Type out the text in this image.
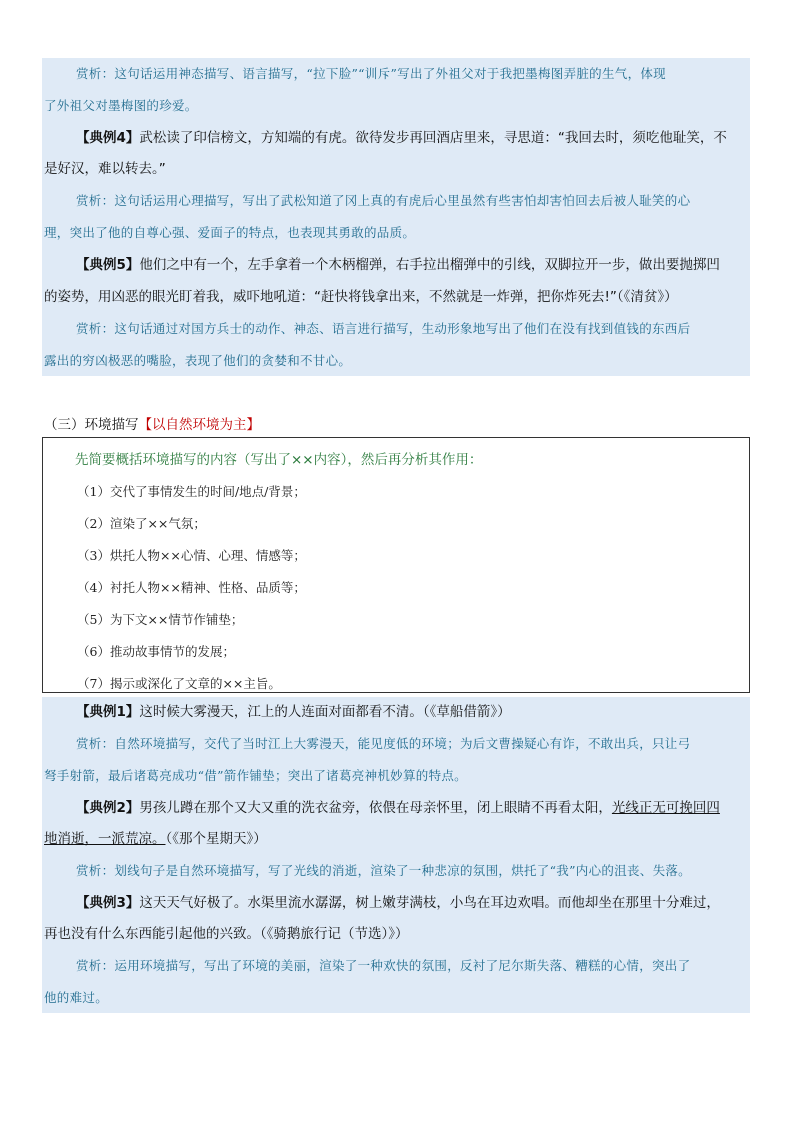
赏析：这句话运用神态描写、语言描写，“拉下脸”“训斥”写出了外祖父对于我把墨梅图弄脏的生气，体现
了外祖父对墨梅图的珍爱。
【典例4】武松读了印信榜文，方知端的有虎。欲待发步再回酒店里来，寻思道：“我回去时，须吃他耻笑，不
是好汉，难以转去。”
赏析：这句话运用心理描写，写出了武松知道了冈上真的有虎后心里虽然有些害怕却害怕回去后被人耻笑的心
理，突出了他的自尊心强、爱面子的特点，也表现其勇敢的品质。
【典例5】他们之中有一个，左手拿着一个木柄榴弹，右手拉出榴弹中的引线，双脚拉开一步，做出要抛掷凹
的姿势，用凶恶的眼光盯着我，威吓地吼道：“赶快将钱拿出来，不然就是一炸弹，把你炸死去!”（《清贫》）
赏析：这句话通过对国方兵士的动作、神态、语言进行描写，生动形象地写出了他们在没有找到值钱的东西后
露出的穷凶极恶的嘴脸，表现了他们的贪婪和不甘心。
（三）环境描写【以自然环境为主】
先简要概括环境描写的内容（写出了××内容），然后再分析其作用：
（1）交代了事情发生的时间/地点/背景；
（2）渲染了××气氛；
（3）烘托人物××心情、心理、情感等；
（4）衬托人物××精神、性格、品质等；
（5）为下文××情节作铺垫；
（6）推动故事情节的发展；
（7）揭示或深化了文章的××主旨。
【典例1】这时候大雾漫天，江上的人连面对面都看不清。（《草船借箭》）
赏析：自然环境描写，交代了当时江上大雾漫天，能见度低的环境；为后文曹操疑心有诈，不敢出兵，只让弓
弩手射箭，最后诸葛亮成功“借”箭作铺垫；突出了诸葛亮神机妙算的特点。
【典例2】男孩儿蹲在那个又大又重的洗衣盆旁，依偎在母亲怀里，闭上眼睛不再看太阳，光线正无可挽回四
地消逝，一派荒凉。（《那个星期天》）
赏析：划线句子是自然环境描写，写了光线的消逝，渲染了一种悲凉的氛围，烘托了“我”内心的沮丧、失落。
【典例3】这天天气好极了。水渠里流水潺潺，树上嫩芽满枝，小鸟在耳边欢唱。而他却坐在那里十分难过，
再也没有什么东西能引起他的兴致。（《骑鹅旅行记（节选）》）
赏析：运用环境描写，写出了环境的美丽，渲染了一种欢快的氛围，反衬了尼尔斯失落、糟糕的心情，突出了
他的难过。
